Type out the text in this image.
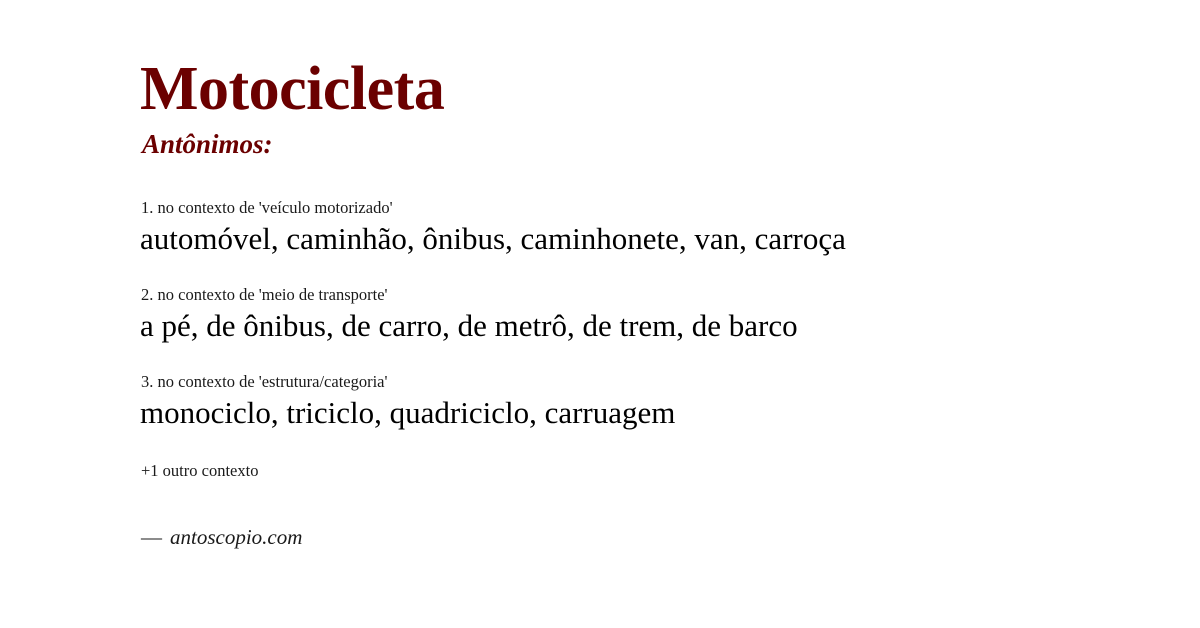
Motocicleta
Antônimos:
1. no contexto de 'veículo motorizado'
automóvel, caminhão, ônibus, caminhonete, van, carroça
2. no contexto de 'meio de transporte'
a pé, de ônibus, de carro, de metrô, de trem, de barco
3. no contexto de 'estrutura/categoria'
monociclo, triciclo, quadriciclo, carruagem
+1 outro contexto
— antoscopio.com
